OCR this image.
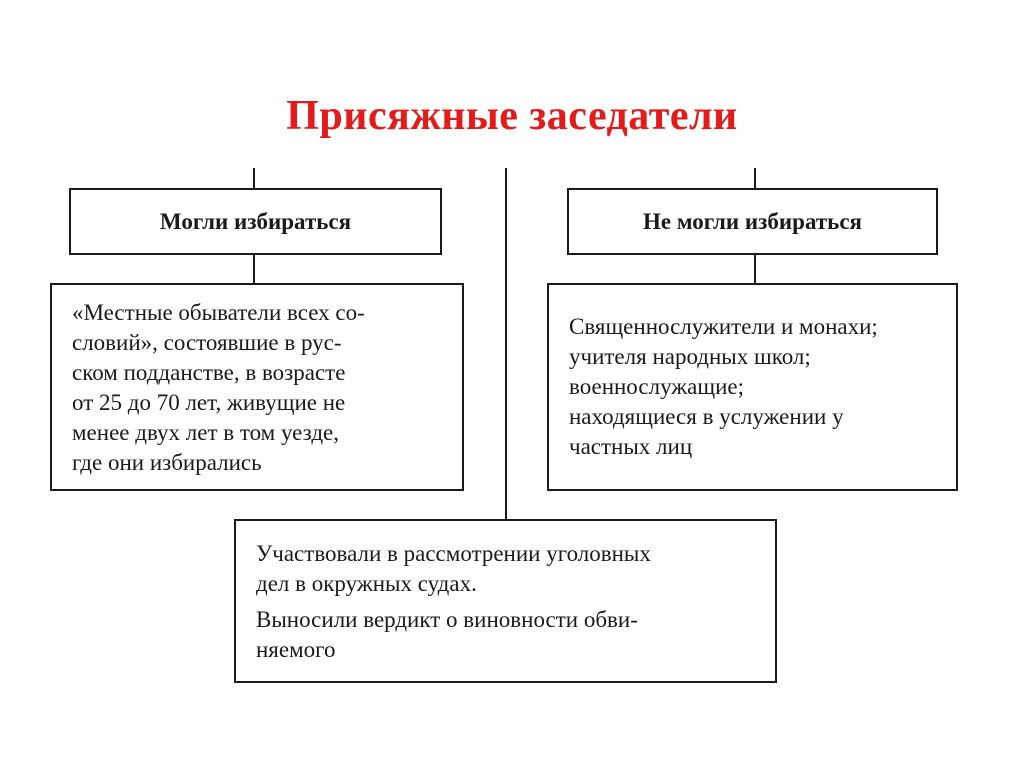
Присяжные заседатели
Могли избираться	Не могли избираться
«Местные обыватели всех со-
словий», состоявшие в рус-
ском подданстве, в возрасте
от 25 до 70 лет, живущие не
менее двух лет в том уезде,
где они избирались
Священнослужители и монахи;
учителя народных школ;
военнослужащие;
находящиеся в услужении у
частных лиц
Участвовали в рассмотрении уголовных
дел в окружных судах.
Выносили вердикт о виновности обви-
няемого
